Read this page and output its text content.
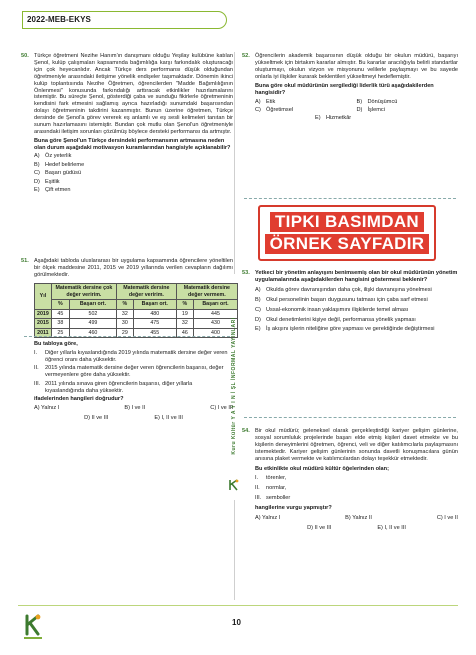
2022-MEB-EKYS
50. Türkçe öğretmeni Nezihe Hanım'ın danışmanı olduğu Yeşilay kulübüne katılan Şenol, kulüp çalışmaları kapsamında bağımlılığa karşı farkındalık oluşturacağı için çok heyecanlıdır. Ancak Türkçe ders performansı düşük olduğundan öğretmeniyle arasındaki iletişime yönelik endişeler taşımaktadır. Dönemin ikinci kulüp toplantısında Nezihe Öğretmen, öğrencilerden "Madde Bağımlılığının Önlenmesi" konusunda farkındalığı arttıracak etkinlikler hazırlamalarını istemiştir. Bu süreçte Şenol, gösterdiği çaba ve sunduğu fikirlerle öğretmeninin kendisini fark etmesini sağlamış ayrıca hazırladığı sunumdaki başarısından dolayı öğretmeninin takdirini kazanmıştır. Bunun üzerine öğretmen, Türkçe dersinde de Şenol'a görev vererek eş anlamlı ve eş sesli kelimeleri tanıtan bir sunum hazırlamasını istemiştir. Bundan çok mutlu olan Şenol'un öğretmeniyle arasındaki iletişim sorunları çözülmüş böylece dersteki performansı da artmıştır.
Buna göre Şenol'un Türkçe dersindeki performansının artmasına neden olan durum aşağıdaki motivasyon kuramlarından hangisiyle açıklanabilir?
A) Öz yeterlik
B) Hedef belirleme
C) Başarı güdüsü
D) Eşitlik
E) Çift etmen
51. Aşağıdaki tabloda uluslararası bir uygulama kapsamında öğrencilere yöneltilen bir ölçek maddesine 2011, 2015 ve 2019 yıllarında verilen cevapların dağılımı görülmektedir.
Yıl	Matematik dersine çok değer veririm.		Matematik dersine değer veririm.		Matematik dersine değer vermem.	
	%	Başarı ort.	%	Başarı ort.	%	Başarı ort.
2019	45	502	32	480	19	445
2015	38	499	30	475	32	430
2011	25	460	29	455	46	400
Bu tabloya göre,
I.	Diğer yıllarla kıyaslandığında 2019 yılında matematik dersine değer veren öğrenci oranı daha yüksektir.
II.	2015 yılında matematik dersine değer veren öğrencilerin başarısı, değer vermeyenlere göre daha yüksektir.
III. 2011 yılında sınava giren öğrencilerin başarısı, diğer yıllarla kıyaslandığında daha yüksektir.
ifadelerinden hangileri doğrudur?
A) Yalnız I	B) I ve II	C) I ve III
D) II ve III	E) I, II ve III
52. Öğrencilerin akademik başarısının düşük olduğu bir okulun müdürü, başarıyı yükseltmek için birtakım kararlar almıştır. Bu kararlar aracılığıyla belirli standartlar oluşturmayı, okulun vizyon ve misyonunu velilerle paylaşmayı ve bu sayede onlarla iyi ilişkiler kurarak beklentileri yükseltmeyi hedeflemiştir.
Buna göre okul müdürünün sergilediği liderlik türü aşağıdakilerden hangisidir?
A) Etik	B) Dönüşümcü
C) Öğretimsel	D) İşlemci
E) Hizmetkâr
TIPKI BASIMDAN
ÖRNEK SAYFADIR
53. Yetkeci bir yönetim anlayışını benimsemiş olan bir okul müdürünün yönetim uygulamalarında aşağıdakilerden hangisini göstermesi beklenir?
A) Okulda görev davranışından daha çok, ilişki davranışına yönelmesi
B) Okul personelinin başarı duygusunu tatması için çaba sarf etmesi
C) Ussal-ekonomik insan yaklaşımını ilişkilerde temel alması
D) Okul denetimlerini kişiye değil, performansa yönelik yapması
E) İş akışını işlerin niteliğine göre yapması ve gerektiğinde değiştirmesi
54. Bir okul müdürü; geleneksel olarak gerçekleştirdiği kariyer gelişim günlerine, sosyal sorumluluk projelerinde başarı elde etmiş kişileri davet etmekte ve bu kişilerin deneyimlerini öğretmen, öğrenci, veli ve diğer katılımcılarla paylaşmasını istemektedir. Kariyer gelişim günlerinin sonunda davetli konuşmacılara günün anısına plaket vermekte ve katılımcılardan dolayı teşekkür etmektedir.
Bu etkinlikte okul müdürü kültür öğelerinden olan;
I.	törenler,
II.	normlar,
III. semboller
hangilerine vurgu yapmıştır?
A) Yalnız I	B) Yalnız II	C) I ve II
D) II ve III	E) I, II ve III
Kuru Kültür Y A Y I N İ ŞL İNFORMAL YAYINLARI
10
